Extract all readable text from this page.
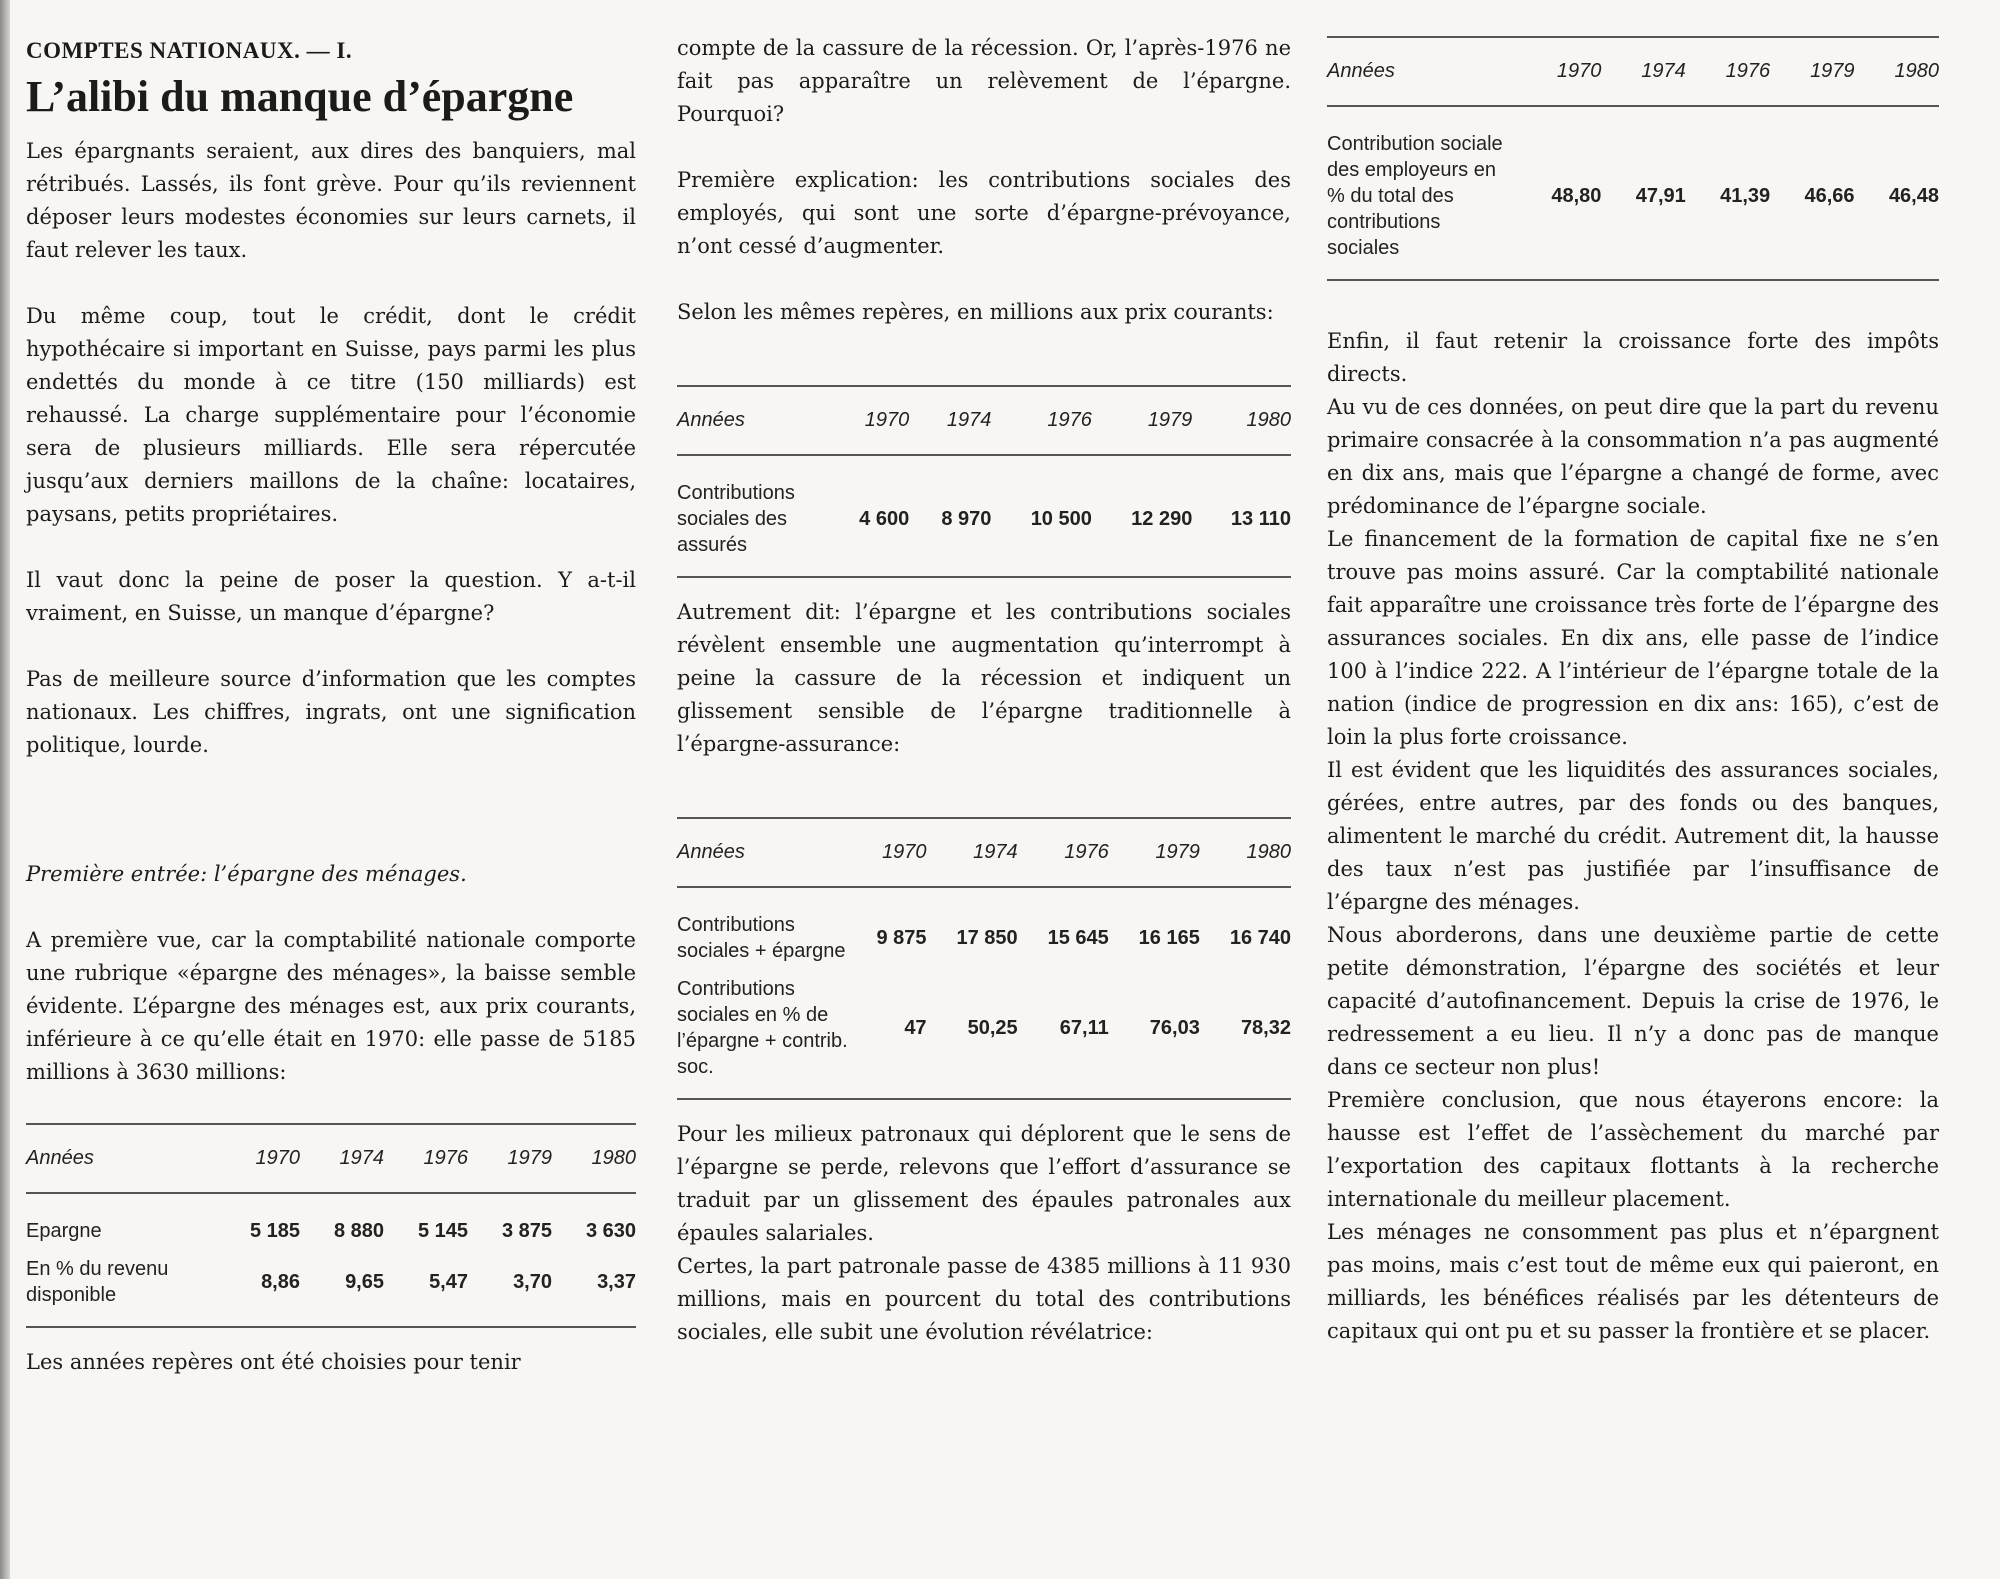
COMPTES NATIONAUX. — I.
L’alibi du manque d’épargne

Les épargnants seraient, aux dires des banquiers, mal rétribués. Lassés, ils font grève. Pour qu’ils reviennent déposer leurs modestes économies sur leurs carnets, il faut relever les taux.

Du même coup, tout le crédit, dont le crédit hypothécaire si important en Suisse, pays parmi les plus endettés du monde à ce titre (150 milliards) est rehaussé. La charge supplémentaire pour l’économie sera de plusieurs milliards. Elle sera répercutée jusqu’aux derniers maillons de la chaîne: locataires, paysans, petits propriétaires.

Il vaut donc la peine de poser la question. Y a-t-il vraiment, en Suisse, un manque d’épargne?

Pas de meilleure source d’information que les comptes nationaux. Les chiffres, ingrats, ont une signification politique, lourde.

Première entrée: l’épargne des ménages.

A première vue, car la comptabilité nationale comporte une rubrique «épargne des ménages», la baisse semble évidente. L’épargne des ménages est, aux prix courants, inférieure à ce qu’elle était en 1970: elle passe de 5185 millions à 3630 millions:

Années	1970	1974	1976	1979	1980
Epargne	5 185	8 880	5 145	3 875	3 630
En % du revenu disponible	8,86	9,65	5,47	3,70	3,37

Les années repères ont été choisies pour tenir

compte de la cassure de la récession. Or, l’après-1976 ne fait pas apparaître un relèvement de l’épargne. Pourquoi?

Première explication: les contributions sociales des employés, qui sont une sorte d’épargne-prévoyance, n’ont cessé d’augmenter.

Selon les mêmes repères, en millions aux prix courants:

Années	1970	1974	1976	1979	1980
Contributions sociales des assurés	4 600	8 970	10 500	12 290	13 110

Autrement dit: l’épargne et les contributions sociales révèlent ensemble une augmentation qu’interrompt à peine la cassure de la récession et indiquent un glissement sensible de l’épargne traditionnelle à l’épargne-assurance:

Années	1970	1974	1976	1979	1980
Contributions sociales + épargne	9 875	17 850	15 645	16 165	16 740
Contributions sociales en % de l’épargne + contrib. soc.	47	50,25	67,11	76,03	78,32

Pour les milieux patronaux qui déplorent que le sens de l’épargne se perde, relevons que l’effort d’assurance se traduit par un glissement des épaules patronales aux épaules salariales.

Certes, la part patronale passe de 4385 millions à 11 930 millions, mais en pourcent du total des contributions sociales, elle subit une évolution révélatrice:

Années	1970	1974	1976	1979	1980
Contribution sociale des employeurs en % du total des contributions sociales	48,80	47,91	41,39	46,66	46,48

Enfin, il faut retenir la croissance forte des impôts directs.

Au vu de ces données, on peut dire que la part du revenu primaire consacrée à la consommation n’a pas augmenté en dix ans, mais que l’épargne a changé de forme, avec prédominance de l’épargne sociale.

Le financement de la formation de capital fixe ne s’en trouve pas moins assuré. Car la comptabilité nationale fait apparaître une croissance très forte de l’épargne des assurances sociales. En dix ans, elle passe de l’indice 100 à l’indice 222. A l’intérieur de l’épargne totale de la nation (indice de progression en dix ans: 165), c’est de loin la plus forte croissance.

Il est évident que les liquidités des assurances sociales, gérées, entre autres, par des fonds ou des banques, alimentent le marché du crédit. Autrement dit, la hausse des taux n’est pas justifiée par l’insuffisance de l’épargne des ménages.

Nous aborderons, dans une deuxième partie de cette petite démonstration, l’épargne des sociétés et leur capacité d’autofinancement. Depuis la crise de 1976, le redressement a eu lieu. Il n’y a donc pas de manque dans ce secteur non plus!

Première conclusion, que nous étayerons encore: la hausse est l’effet de l’assèchement du marché par l’exportation des capitaux flottants à la recherche internationale du meilleur placement.

Les ménages ne consomment pas plus et n’épargnent pas moins, mais c’est tout de même eux qui paieront, en milliards, les bénéfices réalisés par les détenteurs de capitaux qui ont pu et su passer la frontière et se placer.
